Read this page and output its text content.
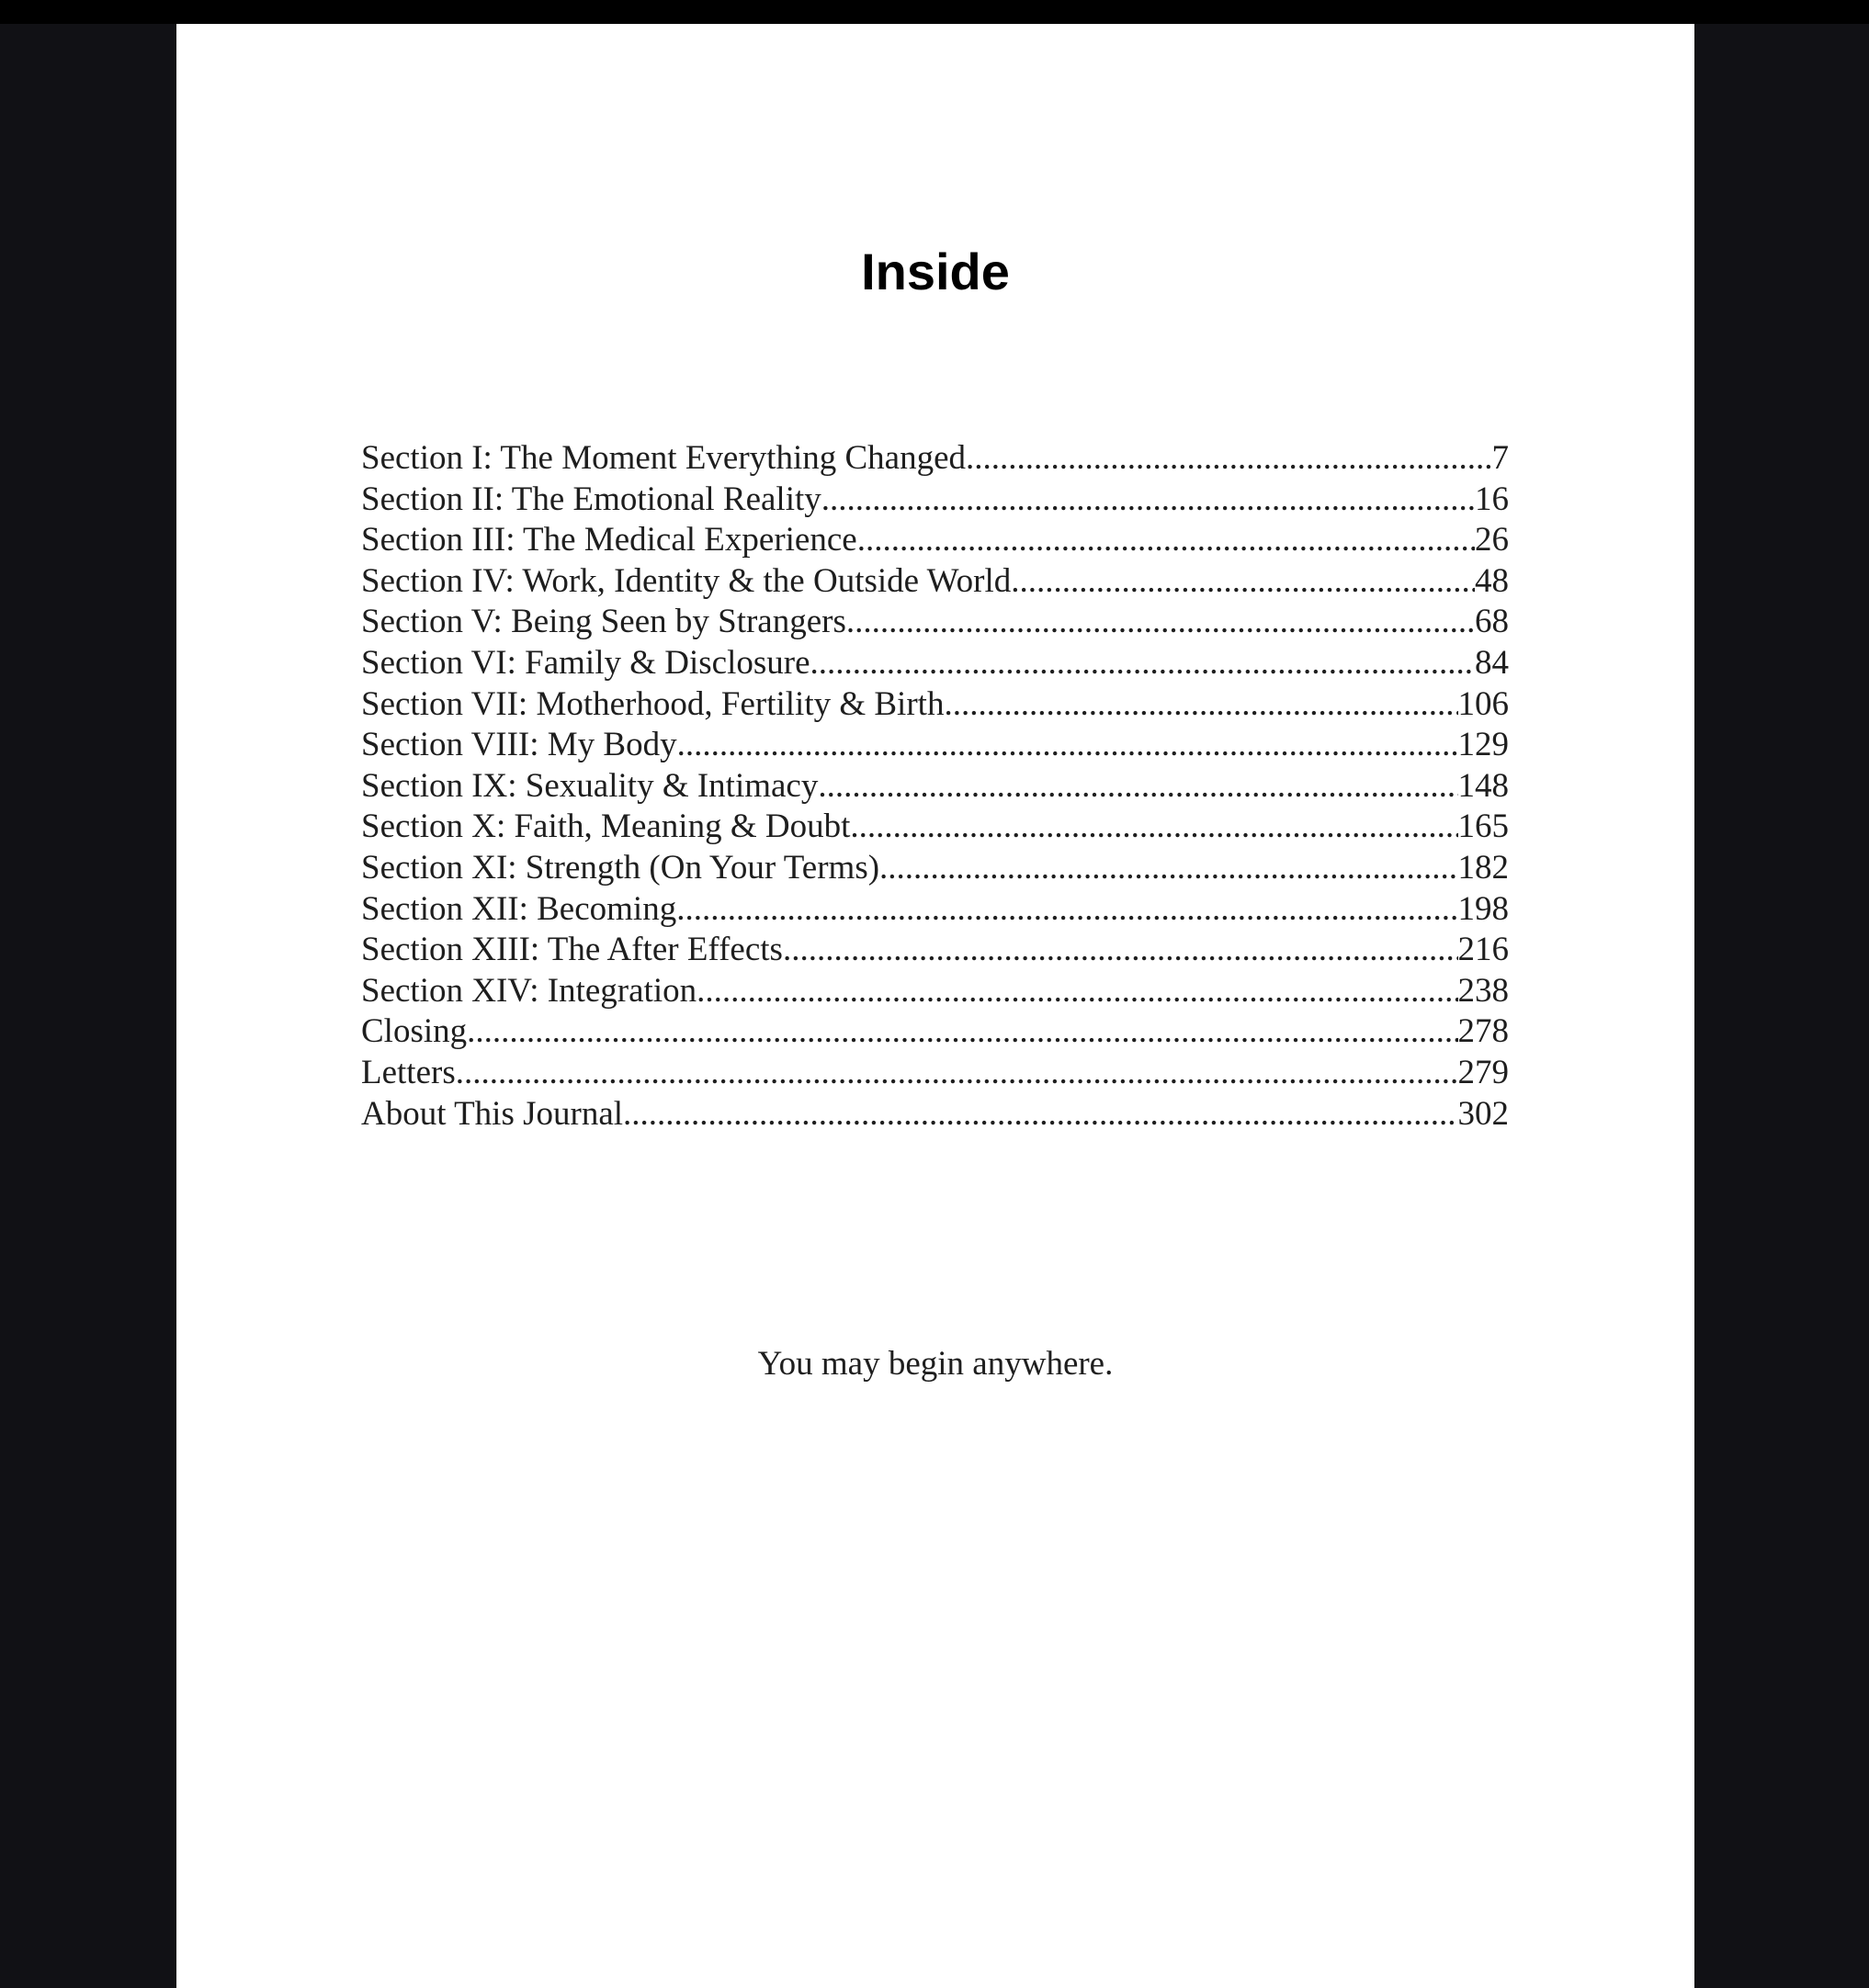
Inside
Section I: The Moment Everything Changed .....	7
Section II: The Emotional Reality .....	16
Section III: The Medical Experience .....	26
Section IV: Work, Identity & the Outside World .....	48
Section V: Being Seen by Strangers .....	68
Section VI: Family & Disclosure .....	84
Section VII: Motherhood, Fertility & Birth .....	106
Section VIII: My Body .....	129
Section IX: Sexuality & Intimacy .....	148
Section X: Faith, Meaning & Doubt .....	165
Section XI: Strength (On Your Terms) .....	182
Section XII: Becoming .....	198
Section XIII: The After Effects .....	216
Section XIV: Integration .....	238
Closing .....	278
Letters .....	279
About This Journal .....	302

You may begin anywhere.
